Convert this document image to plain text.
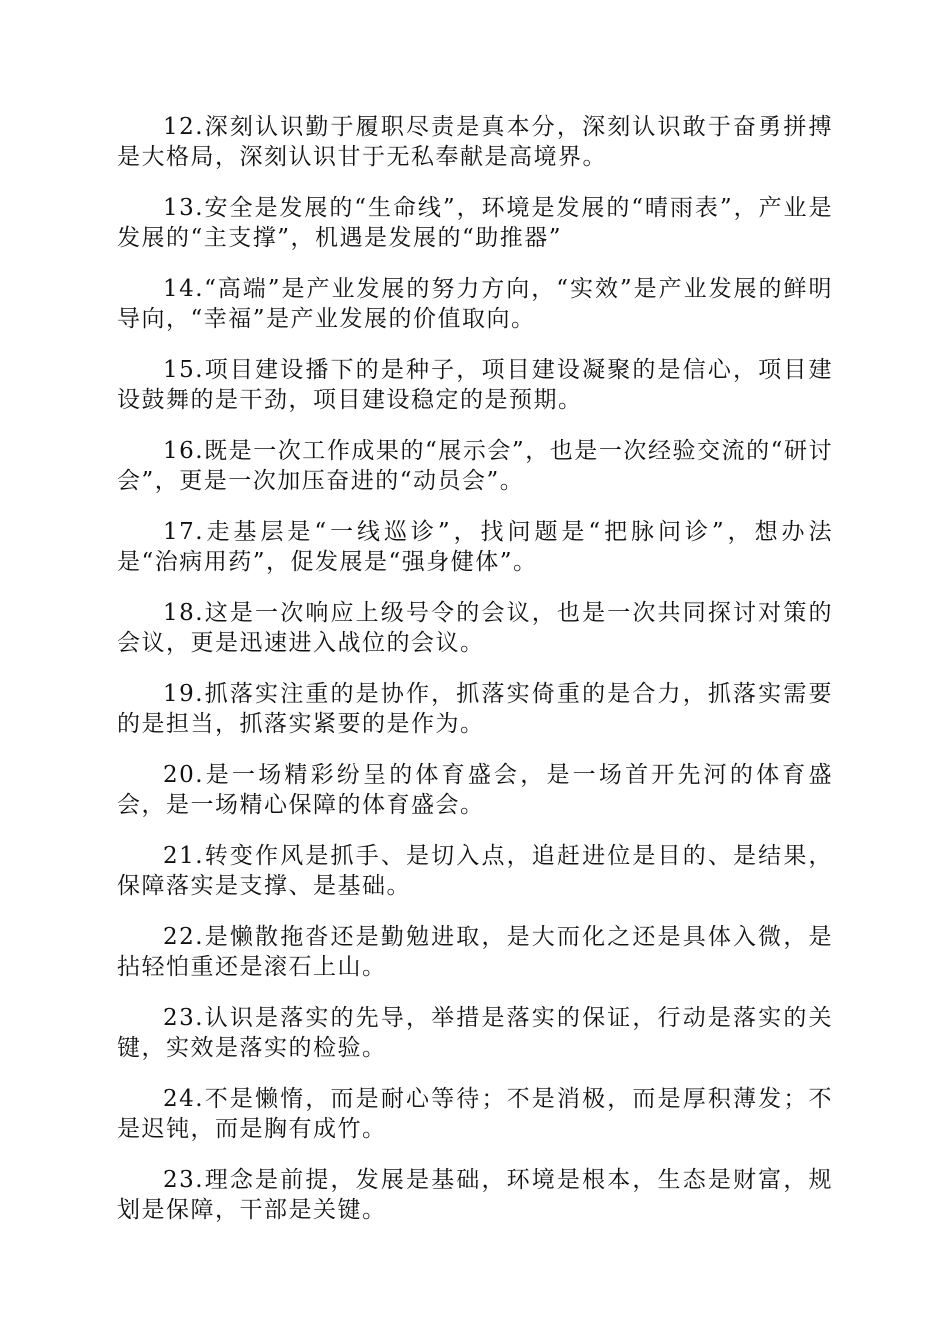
12.深刻认识勤于履职尽责是真本分，深刻认识敢于奋勇拼搏是大格局，深刻认识甘于无私奉献是高境界。

13.安全是发展的“生命线”，环境是发展的“晴雨表”，产业是发展的“主支撑”，机遇是发展的“助推器”

14.“高端”是产业发展的努力方向，“实效”是产业发展的鲜明导向，“幸福”是产业发展的价值取向。

15.项目建设播下的是种子，项目建设凝聚的是信心，项目建设鼓舞的是干劲，项目建设稳定的是预期。

16.既是一次工作成果的“展示会”，也是一次经验交流的“研讨会”，更是一次加压奋进的“动员会”。

17.走基层是“一线巡诊”，找问题是“把脉问诊”，想办法是“治病用药”，促发展是“强身健体”。

18.这是一次响应上级号令的会议，也是一次共同探讨对策的会议，更是迅速进入战位的会议。

19.抓落实注重的是协作，抓落实倚重的是合力，抓落实需要的是担当，抓落实紧要的是作为。

20.是一场精彩纷呈的体育盛会，是一场首开先河的体育盛会，是一场精心保障的体育盛会。

21.转变作风是抓手、是切入点，追赶进位是目的、是结果，保障落实是支撑、是基础。

22.是懒散拖沓还是勤勉进取，是大而化之还是具体入微，是拈轻怕重还是滚石上山。

23.认识是落实的先导，举措是落实的保证，行动是落实的关键，实效是落实的检验。

24.不是懒惰，而是耐心等待；不是消极，而是厚积薄发；不是迟钝，而是胸有成竹。

23.理念是前提，发展是基础，环境是根本，生态是财富，规划是保障，干部是关键。
